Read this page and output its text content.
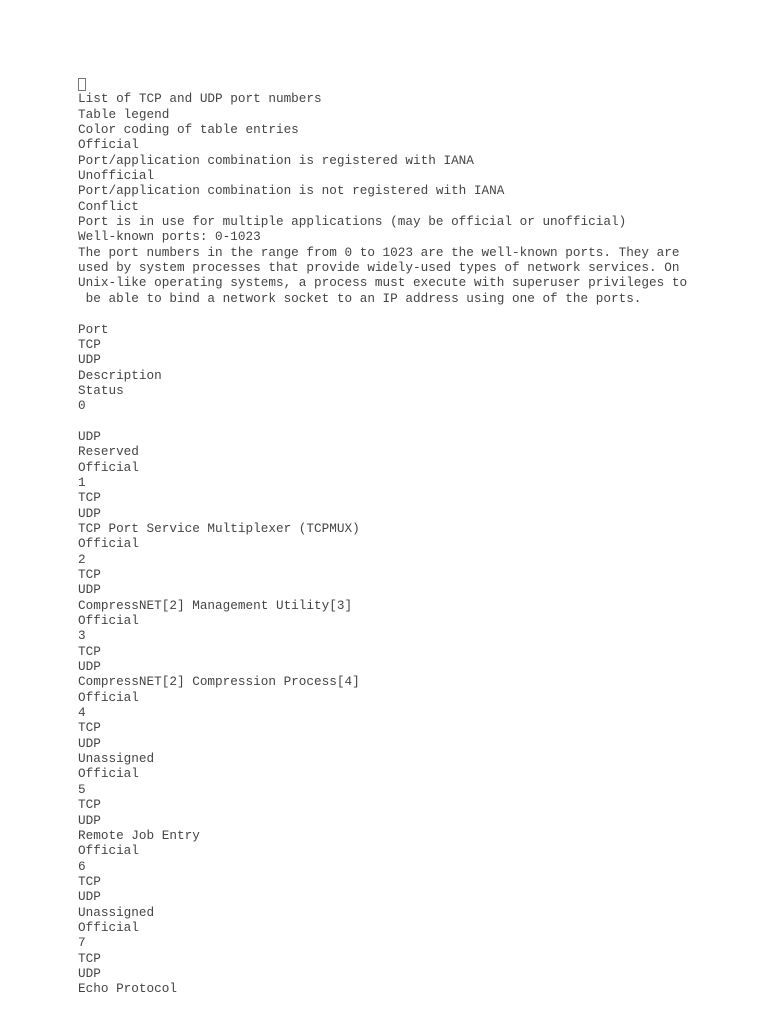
List of TCP and UDP port numbers
Table legend
Color coding of table entries
Official
Port/application combination is registered with IANA
Unofficial
Port/application combination is not registered with IANA
Conflict
Port is in use for multiple applications (may be official or unofficial)
Well-known ports: 0-1023
The port numbers in the range from 0 to 1023 are the well-known ports. They are
used by system processes that provide widely-used types of network services. On
Unix-like operating systems, a process must execute with superuser privileges to
be able to bind a network socket to an IP address using one of the ports.
Port
TCP
UDP
Description
Status
0
UDP
Reserved
Official
1
TCP
UDP
TCP Port Service Multiplexer (TCPMUX)
Official
2
TCP
UDP
CompressNET[2] Management Utility[3]
Official
3
TCP
UDP
CompressNET[2] Compression Process[4]
Official
4
TCP
UDP
Unassigned
Official
5
TCP
UDP
Remote Job Entry
Official
6
TCP
UDP
Unassigned
Official
7
TCP
UDP
Echo Protocol
